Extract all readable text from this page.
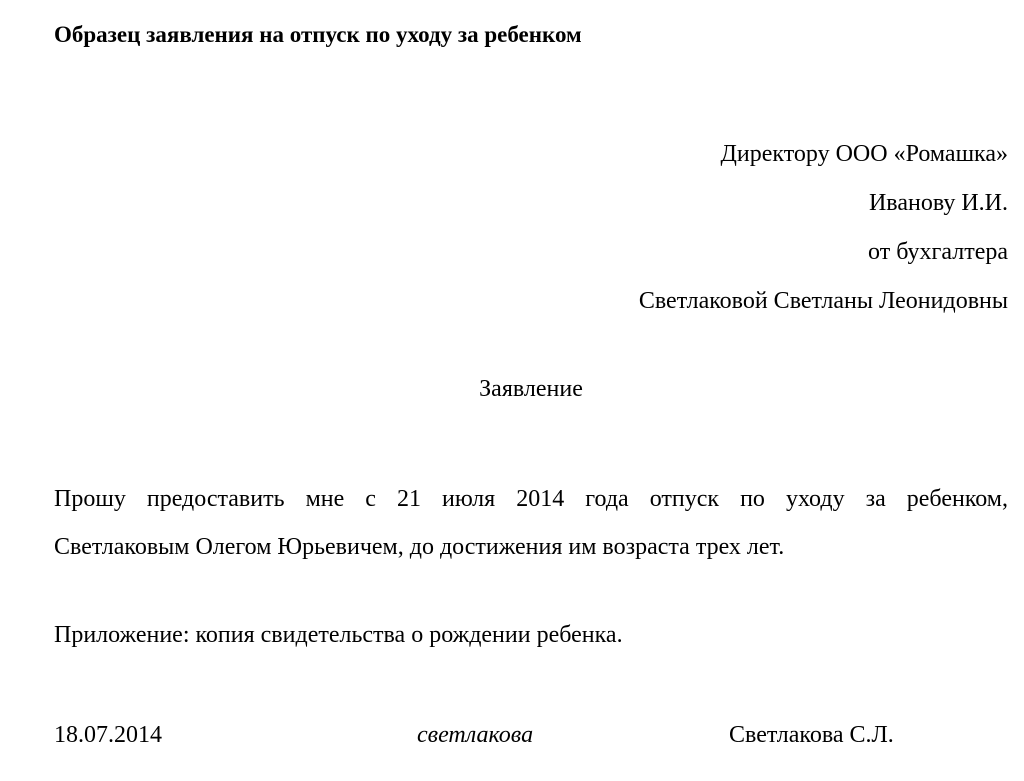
Образец заявления на отпуск по уходу за ребенком
Директору ООО «Ромашка»
Иванову И.И.
от бухгалтера
Светлаковой Светланы Леонидовны
Заявление
Прошу предоставить мне с 21 июля 2014 года отпуск по уходу за ребенком,
Светлаковым Олегом Юрьевичем, до достижения им возраста трех лет.
Приложение: копия свидетельства о рождении ребенка.
18.07.2014	светлакова	Светлакова С.Л.
